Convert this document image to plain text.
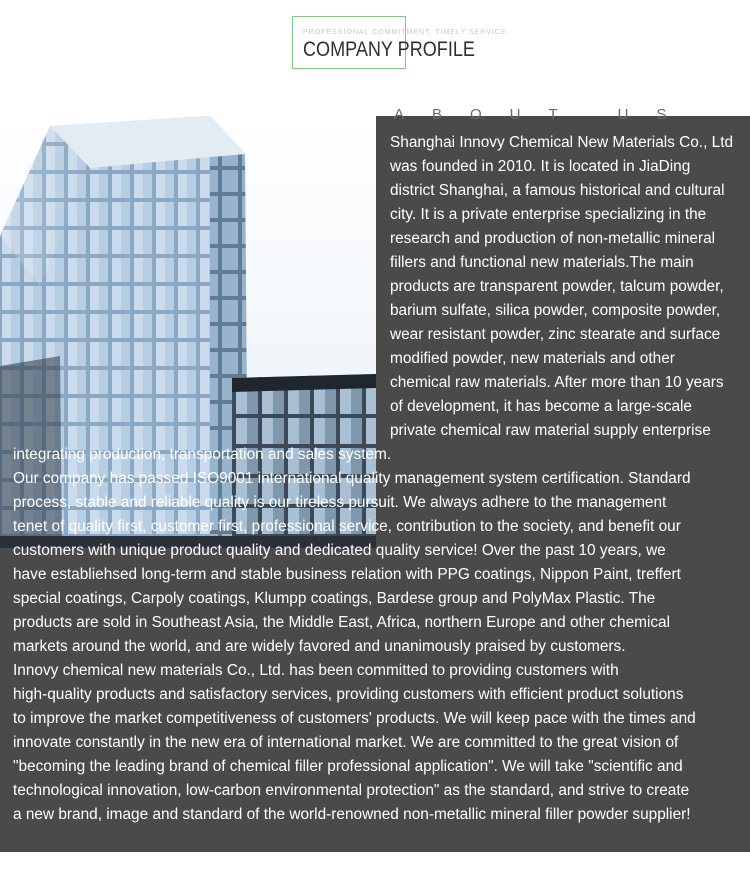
PROFESSIONAL COMMITMENT, TIMELY SERVICE.
COMPANY PROFILE
ABOUT US

Shanghai Innovy Chemical New Materials Co., Ltd
was founded in 2010. It is located in JiaDing
district Shanghai, a famous historical and cultural
city. It is a private enterprise specializing in the
research and production of non-metallic mineral
fillers and functional new materials.The main
products are transparent powder, talcum powder,
barium sulfate, silica powder, composite powder,
wear resistant powder, zinc stearate and surface
modified powder, new materials and other
chemical raw materials. After more than 10 years
of development, it has become a large-scale
private chemical raw material supply enterprise

integrating production, transportation and sales system.

Our company has passed ISO9001 international quality management system certification. Standard
process, stable and reliable quality is our tireless pursuit. We always adhere to the management
tenet of quality first, customer first, professional service, contribution to the society, and benefit our
customers with unique product quality and dedicated quality service! Over the past 10 years, we
have establiehsed long-term and stable business relation with PPG coatings, Nippon Paint, treffert
special coatings, Carpoly coatings, Klumpp coatings, Bardese group and PolyMax Plastic. The
products are sold in Southeast Asia, the Middle East, Africa, northern Europe and other chemical
markets around the world, and are widely favored and unanimously praised by customers.

Innovy chemical new materials Co., Ltd. has been committed to providing customers with
high-quality products and satisfactory services, providing customers with efficient product solutions
to improve the market competitiveness of customers' products. We will keep pace with the times and
innovate constantly in the new era of international market. We are committed to the great vision of
"becoming the leading brand of chemical filler professional application". We will take "scientific and
technological innovation, low-carbon environmental protection" as the standard, and strive to create
a new brand, image and standard of the world-renowned non-metallic mineral filler powder supplier!
